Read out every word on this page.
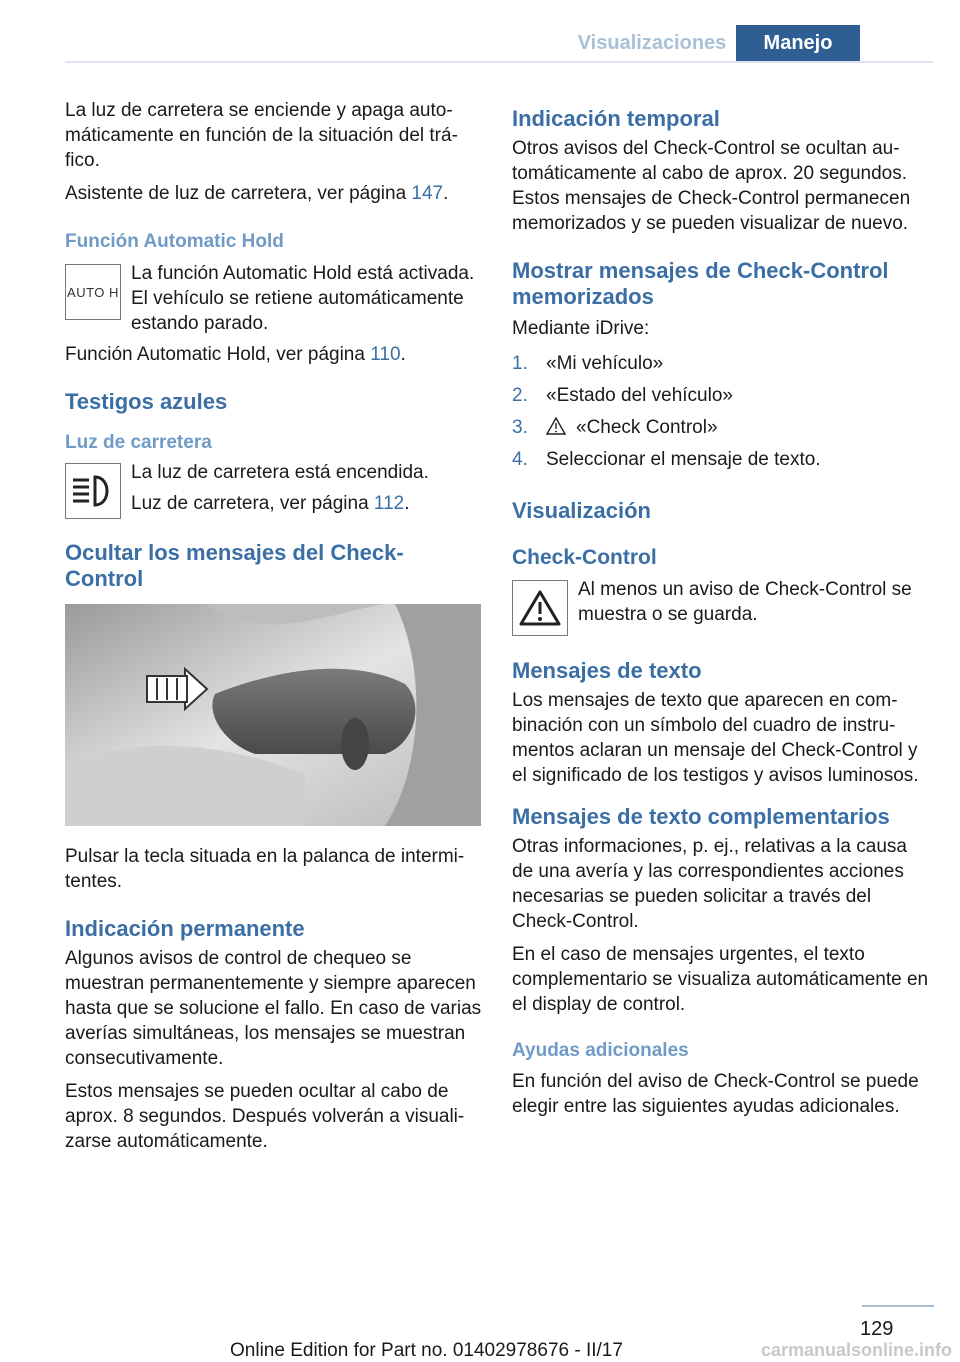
Visualizaciones	Manejo

La luz de carretera se enciende y apaga automáticamente en función de la situación del tráfico.

Asistente de luz de carretera, ver página 147.

Función Automatic Hold
AUTO H

La función Automatic Hold está activada. El vehículo se retiene automáticamente estando parado.

Función Automatic Hold, ver página 110.

Testigos azules
Luz de carretera

La luz de carretera está encendida.

Luz de carretera, ver página 112.

Ocultar los mensajes del Check-Control

Pulsar la tecla situada en la palanca de intermitentes.

Indicación permanente

Algunos avisos de control de chequeo se muestran permanentemente y siempre aparecen hasta que se solucione el fallo. En caso de varias averías simultáneas, los mensajes se muestran consecutivamente.

Estos mensajes se pueden ocultar al cabo de aprox. 8 segundos. Después volverán a visualizarse automáticamente.

Indicación temporal

Otros avisos del Check-Control se ocultan automáticamente al cabo de aprox. 20 segundos. Estos mensajes de Check-Control permanecen memorizados y se pueden visualizar de nuevo.

Mostrar mensajes de Check-Control memorizados

Mediante iDrive:

1. «Mi vehículo»
2. «Estado del vehículo»
3.	«Check Control»
4. Seleccionar el mensaje de texto.
Visualización
Check-Control

Al menos un aviso de Check-Control se muestra o se guarda.

Mensajes de texto

Los mensajes de texto que aparecen en combinación con un símbolo del cuadro de instrumentos aclaran un mensaje del Check-Control y el significado de los testigos y avisos luminosos.

Mensajes de texto complementarios

Otras informaciones, p. ej., relativas a la causa de una avería y las correspondientes acciones necesarias se pueden solicitar a través del Check-Control.

En el caso de mensajes urgentes, el texto complementario se visualiza automáticamente en el display de control.

Ayudas adicionales

En función del aviso de Check-Control se puede elegir entre las siguientes ayudas adicionales.

129
Online Edition for Part no. 01402978676 - II/17	carmanualsonline.info
